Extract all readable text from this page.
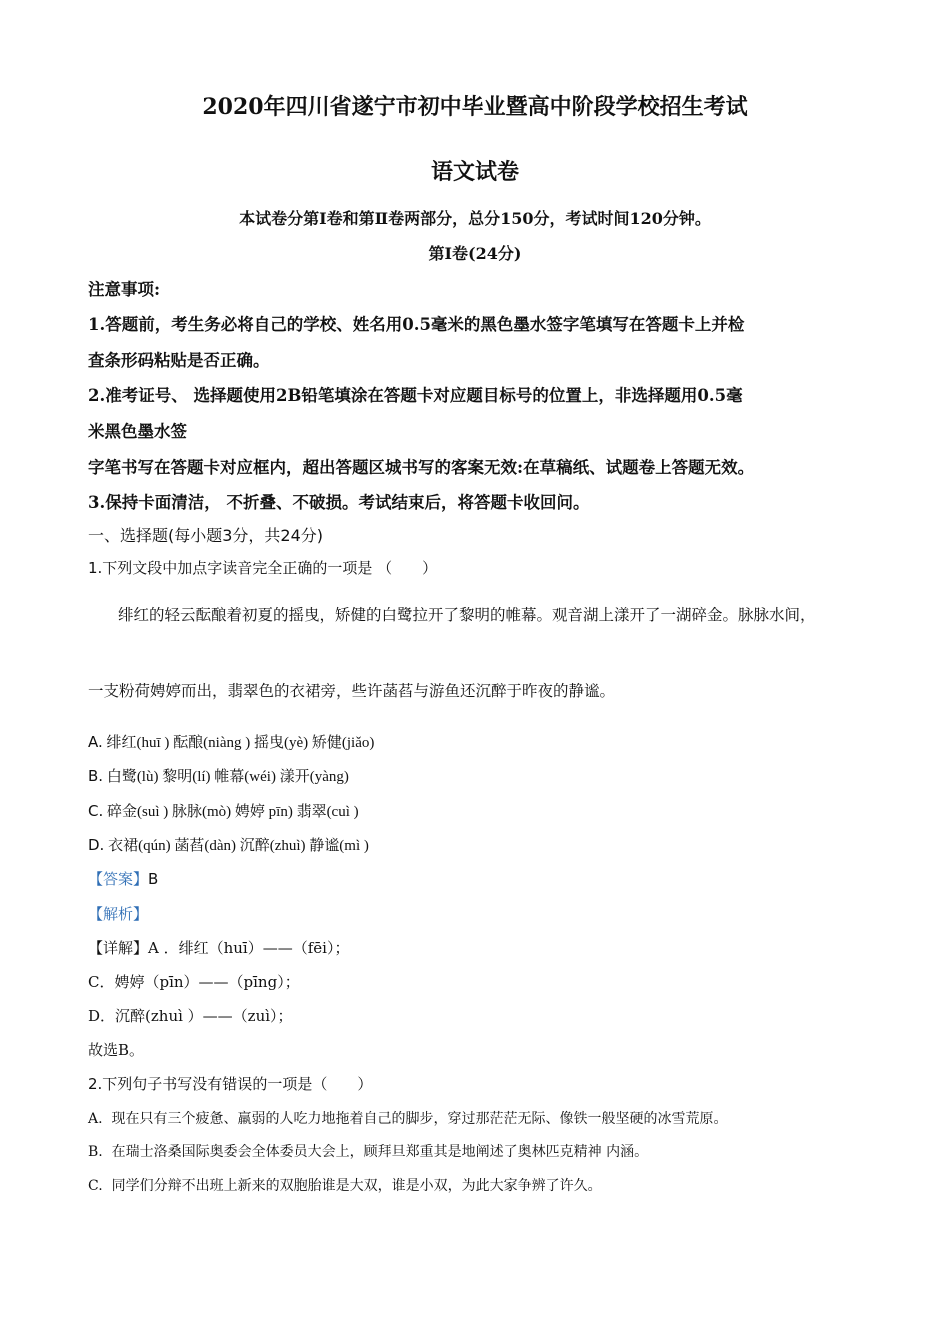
2020年四川省遂宁市初中毕业暨高中阶段学校招生考试
语文试卷
本试卷分第Ⅰ卷和第Ⅱ卷两部分，总分150分，考试时间120分钟。
第Ⅰ卷(24分)
注意事项:
1.答题前，考生务必将自己的学校、姓名用0.5毫米的黑色墨水签字笔填写在答题卡上并检
查条形码粘贴是否正确。
2.准考证号、 选择题使用2B铅笔填涂在答题卡对应题目标号的位置上，非选择题用0.5毫
米黑色墨水签
字笔书写在答题卡对应框内，超出答题区城书写的客案无效:在草稿纸、试题卷上答题无效。
3.保持卡面清洁， 不折叠、不破损。考试结束后，将答题卡收回问。
一、选择题(每小题3分，共24分)
1.下列文段中加点字读音完全正确的一项是 （　　）
绯红的轻云酝酿着初夏的摇曳，矫健的白鹭拉开了黎明的帷幕。观音湖上漾开了一湖碎金。脉脉水间，
一支粉荷娉婷而出，翡翠色的衣裙旁，些许菡萏与游鱼还沉醉于昨夜的静谧。
A. 绯红(huī ) 酝酿(niàng ) 摇曳(yè) 矫健(jiǎo)
B. 白鹭(lù) 黎明(lí) 帷幕(wéi) 漾开(yàng)
C. 碎金(suì ) 脉脉(mò) 娉婷 pīn) 翡翠(cuì )
D. 衣裙(qún) 菡萏(dàn) 沉醉(zhuì) 静谧(mì )
【答案】B
【解析】
【详解】A ．绯红（huī）——（fēi）；
C．娉婷（pīn）——（pīng）；
D．沉醉(zhuì ）——（zuì）；
故选B。
2.下列句子书写没有错误的一项是（　　）
A. 现在只有三个疲惫、羸弱的人吃力地拖着自己的脚步，穿过那茫茫无际、像铁一般坚硬的冰雪荒原。
B. 在瑞士洛桑国际奥委会全体委员大会上，顾拜旦郑重其是地阐述了奥林匹克精神 内涵。
C. 同学们分辩不出班上新来的双胞胎谁是大双，谁是小双，为此大家争辨了许久。
